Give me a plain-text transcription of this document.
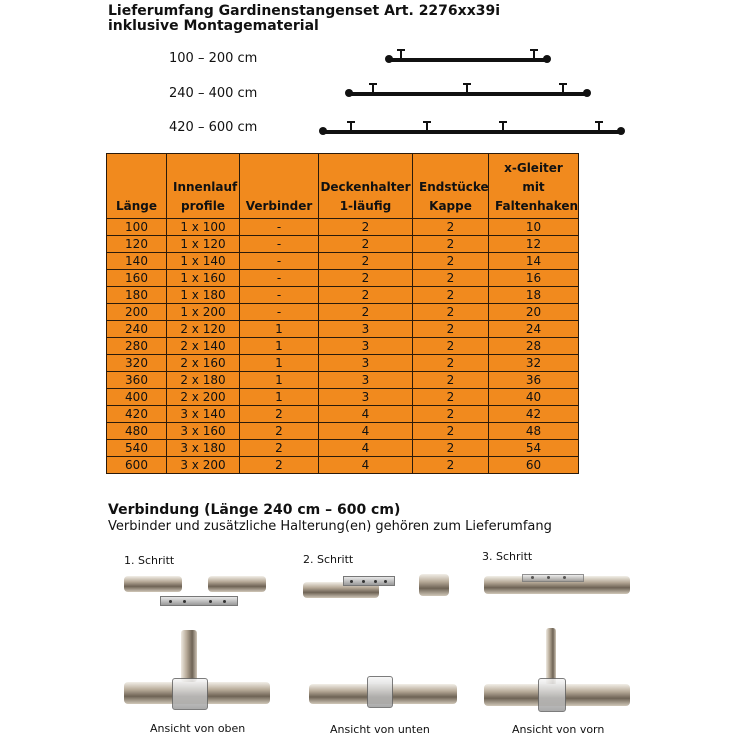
Lieferumfang Gardinenstangenset Art. 2276xx39i
inklusive Montagematerial
100 – 200 cm
240 – 400 cm
420 – 600 cm
Länge	Innenlauf profile	Verbinder	Deckenhalter 1-läufig	Endstücke Kappe	x-Gleiter mit Faltenhaken
100	1 x 100	-	2	2	10
120	1 x 120	-	2	2	12
140	1 x 140	-	2	2	14
160	1 x 160	-	2	2	16
180	1 x 180	-	2	2	18
200	1 x 200	-	2	2	20
240	2 x 120	1	3	2	24
280	2 x 140	1	3	2	28
320	2 x 160	1	3	2	32
360	2 x 180	1	3	2	36
400	2 x 200	1	3	2	40
420	3 x 140	2	4	2	42
480	3 x 160	2	4	2	48
540	3 x 180	2	4	2	54
600	3 x 200	2	4	2	60
Verbindung (Länge 240 cm – 600 cm)
Verbinder und zusätzliche Halterung(en) gehören zum Lieferumfang
1. Schritt	2. Schritt	3. Schritt
Ansicht von oben	Ansicht von unten	Ansicht von vorn
